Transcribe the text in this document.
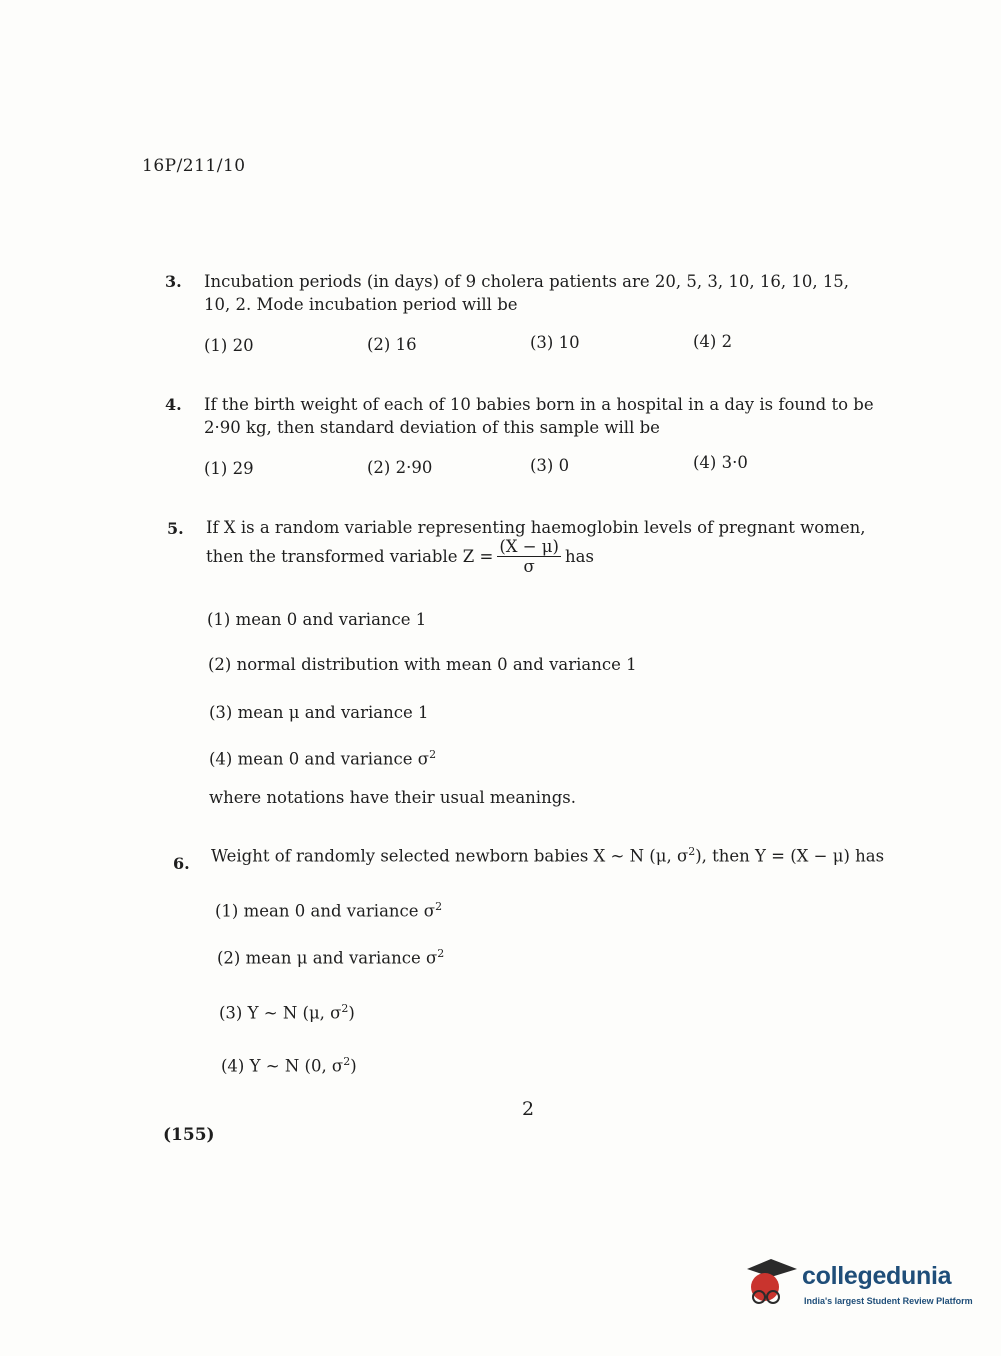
16P/211/10
3. Incubation periods (in days) of 9 cholera patients are 20, 5, 3, 10, 16, 10, 15,
10, 2. Mode incubation period will be
(1) 20	(2) 16	(3) 10	(4) 2
4. If the birth weight of each of 10 babies born in a hospital in a day is found to be
2·90 kg, then standard deviation of this sample will be
(1) 29	(2) 2·90	(3) 0	(4) 3·0
5. If X is a random variable representing haemoglobin levels of pregnant women,
then the transformed variable $Z = \frac{(X - \mu)}{\sigma}$ has
(1) mean 0 and variance 1
(2) normal distribution with mean 0 and variance 1
(3) mean μ and variance 1
(4) mean 0 and variance $\sigma^2$
where notations have their usual meanings.
6. Weight of randomly selected newborn babies X ~ N (μ, $\sigma^2$), then Y = (X − μ) has
(1) mean 0 and variance $\sigma^2$
(2) mean μ and variance $\sigma^2$
(3) Y ~ N (μ, $\sigma^2$)
(4) Y ~ N (0, $\sigma^2$)
2
(155)
collegedunia
India's largest Student Review Platform
